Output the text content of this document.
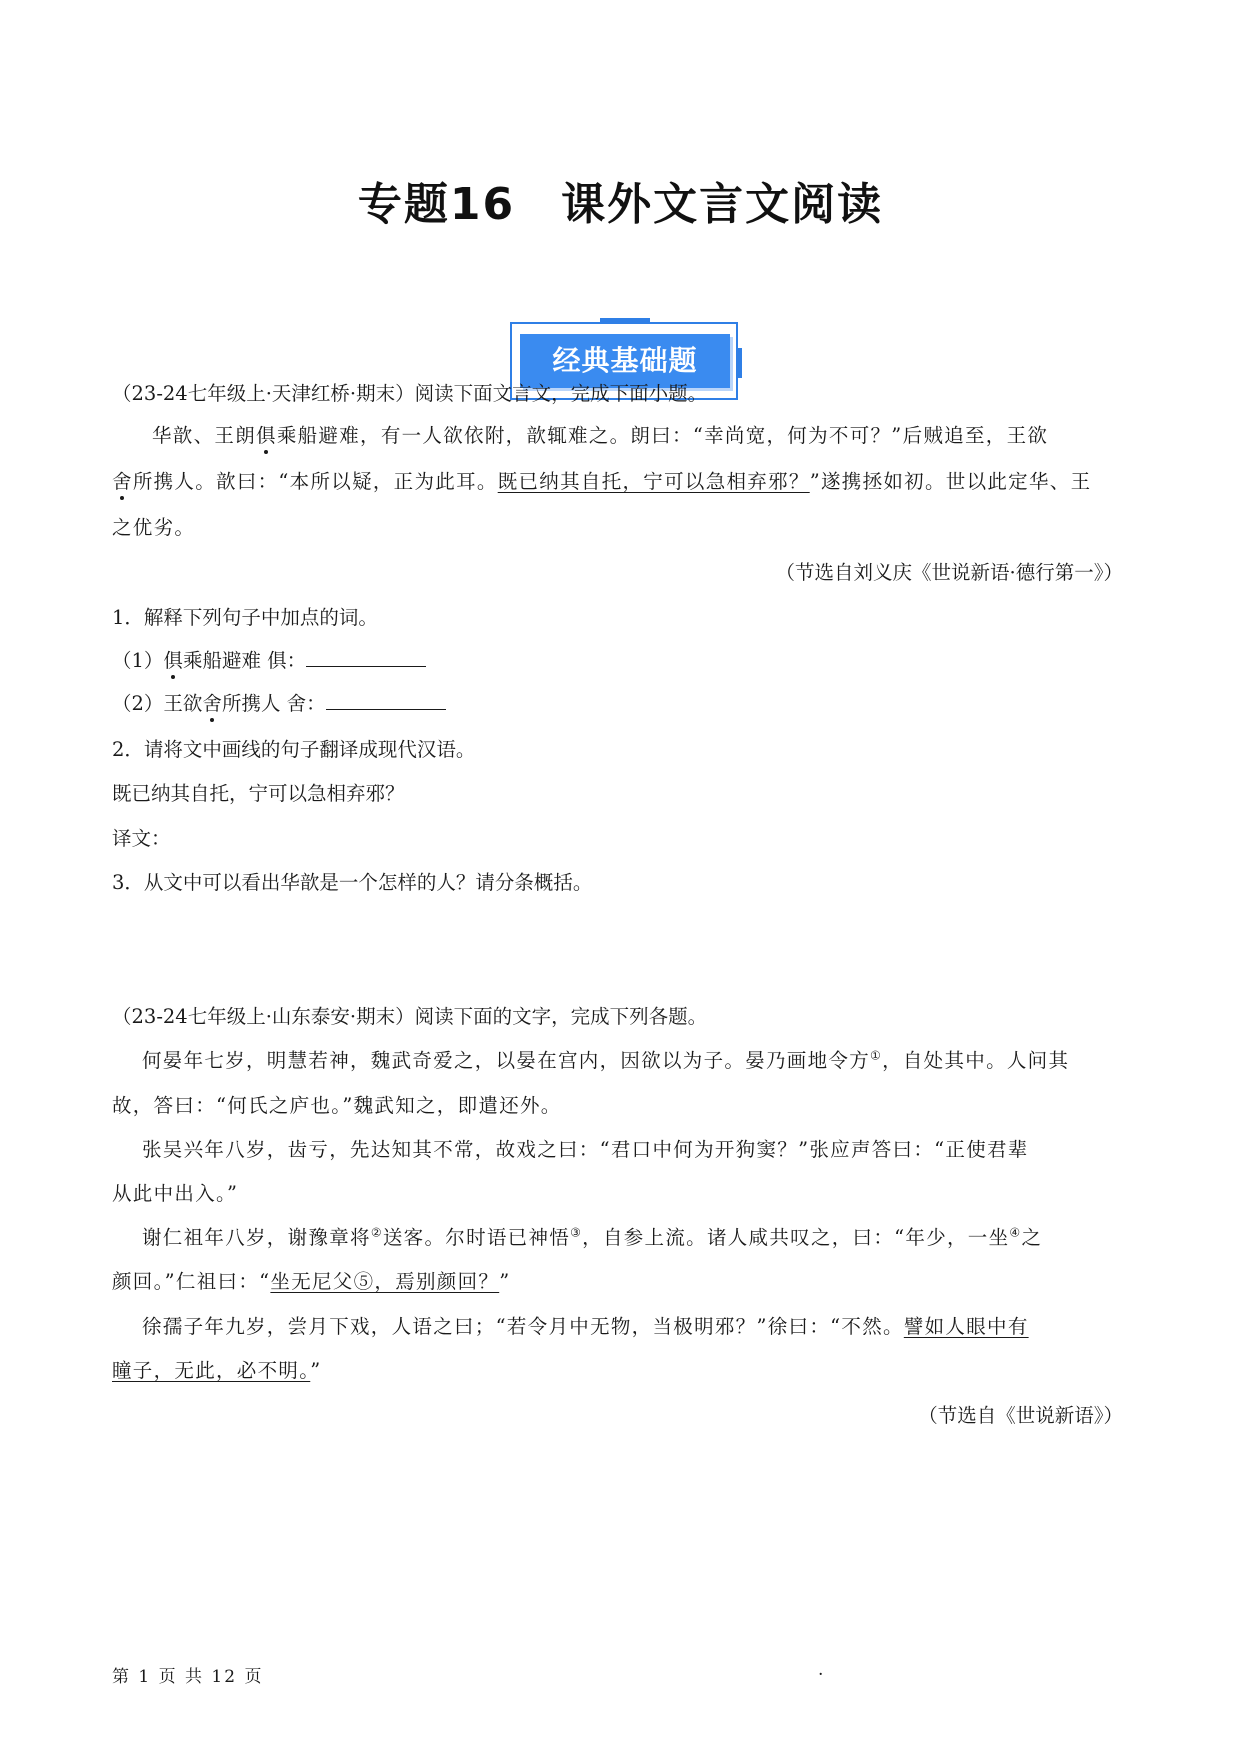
专题16　课外文言文阅读
经典基础题
（23-24七年级上·天津红桥·期末）阅读下面文言文，完成下面小题。
华歆、王朗俱乘船避难，有一人欲依附，歆辄难之。朗曰：“幸尚宽，何为不可？”后贼追至，王欲
舍所携人。歆曰：“本所以疑，正为此耳。既已纳其自托，宁可以急相弃邪？”遂携拯如初。世以此定华、王
之优劣。
（节选自刘义庆《世说新语·德行第一》）
1．解释下列句子中加点的词。
（1）俱乘船避难 俱：
（2）王欲舍所携人 舍：
2．请将文中画线的句子翻译成现代汉语。
既已纳其自托，宁可以急相弃邪？
译文：
3．从文中可以看出华歆是一个怎样的人？请分条概括。
（23-24七年级上·山东泰安·期末）阅读下面的文字，完成下列各题。
何晏年七岁，明慧若神，魏武奇爱之，以晏在宫内，因欲以为子。晏乃画地令方①，自处其中。人问其
故，答曰：“何氏之庐也。”魏武知之，即遣还外。
张吴兴年八岁，齿亏，先达知其不常，故戏之曰：“君口中何为开狗窦？”张应声答曰：“正使君辈
从此中出入。”
谢仁祖年八岁，谢豫章将②送客。尔时语已神悟③，自参上流。诸人咸共叹之，曰：“年少，一坐④之
颜回。”仁祖曰：“坐无尼父⑤，焉别颜回？”
徐孺子年九岁，尝月下戏，人语之曰；“若令月中无物，当极明邪？”徐曰：“不然。譬如人眼中有
瞳子，无此，必不明。”
（节选自《世说新语》）
第 1 页 共 12 页	.
